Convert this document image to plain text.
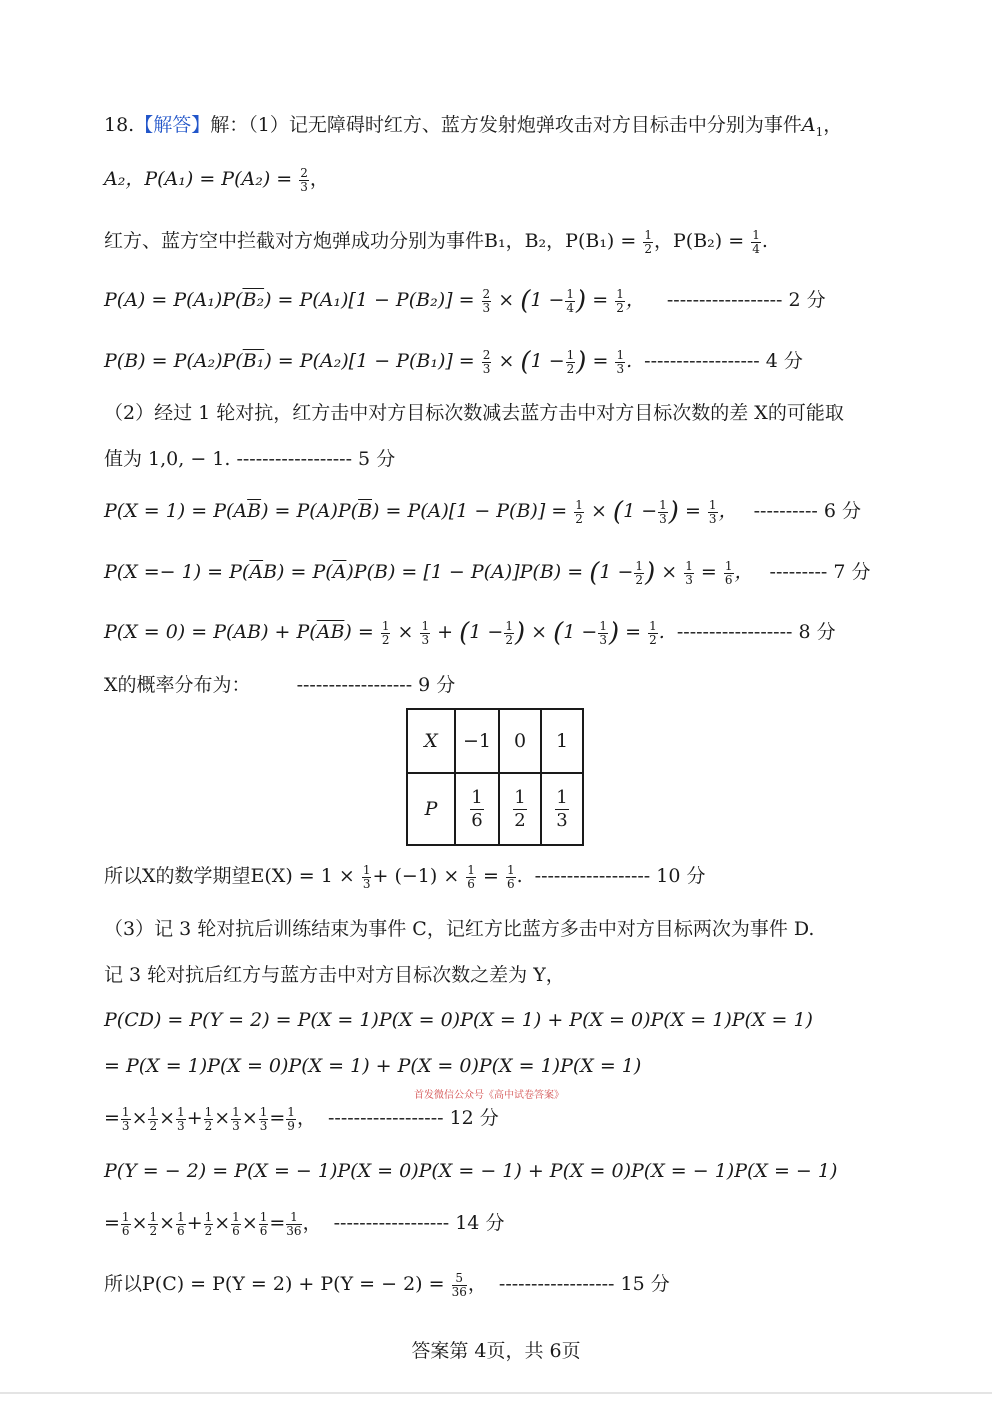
18.【解答】解：（1）记无障碍时红方、蓝方发射炮弹攻击对方目标击中分别为事件$A_1$，
A₂，$P(A_1) = P(A_2) = \frac{2}{3}$ ，
红方、蓝方空中拦截对方炮弹成功分别为事件B₁，B₂，$P(B_1) = \frac{1}{2}$ ，$P(B_2) = \frac{1}{4}$ .
$P(A) = P(A_1)P(B_2) = P(A_1)[1 - P(B_2)] = \frac{2}{3} \times (1 - \frac{1}{4}$ ) = $\frac{1}{2}$ ， ------------------ 2 分
$P(B) = P(A_2)P(B_1) = P(A_2)[1 - P(B_1)] = \frac{2}{3} \times (1 - \frac{1}{2}$ ) = $\frac{1}{3}$ . ------------------ 4 分
（2）经过 1 轮对抗，红方击中对方目标次数减去蓝方击中对方目标次数的差 X的可能取
值为 1,0, − 1. ------------------ 5 分
$P(X = 1) = P(A\overline{B}) = P(A)P(\overline{B}) = P(A)[1 - P(B)] = \frac{1}{2} \times (1 - \frac{1}{3}$ ) = $\frac{1}{3}$ ， ---------- 6 分
$P(X =- 1) = P(\overline{A}B) = P(\overline{A})P(B) = [1 - P(A)]P(B) = (1 - \frac{1}{2}$ ) × $\frac{1}{3} = \frac{1}{6}$ ， --------- 7 分
$P(X = 0) = P(AB) + P(\overline{AB}) = \frac{1}{2} \times \frac{1}{3} + (1 - \frac{1}{2}$ ) × ($1 - \frac{1}{3}$ ) = $\frac{1}{2}$ . ------------------ 8 分
X的概率分布为： ------------------ 9 分
X	−1	0	1
P	$\frac{1}{6}$	$\frac{1}{2}$	$\frac{1}{3}$
所以X的数学期望$E(X) = 1 \times \frac{1}{3} + (-1) \times \frac{1}{6} = \frac{1}{6}$ . ------------------ 10 分
（3）记 3 轮对抗后训练结束为事件 C，记红方比蓝方多击中对方目标两次为事件 D.
记 3 轮对抗后红方与蓝方击中对方目标次数之差为 Y，
P(CD) = P(Y = 2) = P(X = 1)P(X = 0)P(X = 1) + P(X = 0)P(X = 1)P(X = 1)
= P(X = 1)P(X = 0)P(X = 1) + P(X = 0)P(X = 1)P(X = 1)
首发微信公众号《高中试卷答案》
= $\frac{1}{3} \times \frac{1}{2} \times \frac{1}{3} + \frac{1}{2} \times \frac{1}{3} \times \frac{1}{3} = \frac{1}{9}$ ， ------------------ 12 分
P(Y = − 2) = P(X = − 1)P(X = 0)P(X = − 1) + P(X = 0)P(X = − 1)P(X = − 1)
= $\frac{1}{6} \times \frac{1}{2} \times \frac{1}{6} + \frac{1}{2} \times \frac{1}{6} \times \frac{1}{6} = \frac{1}{36}$ ， ------------------ 14 分
所以P(C) = P(Y = 2) + P(Y = − $2) = \frac{5}{36}$ ， ------------------ 15 分
答案第 4页，共 6页
